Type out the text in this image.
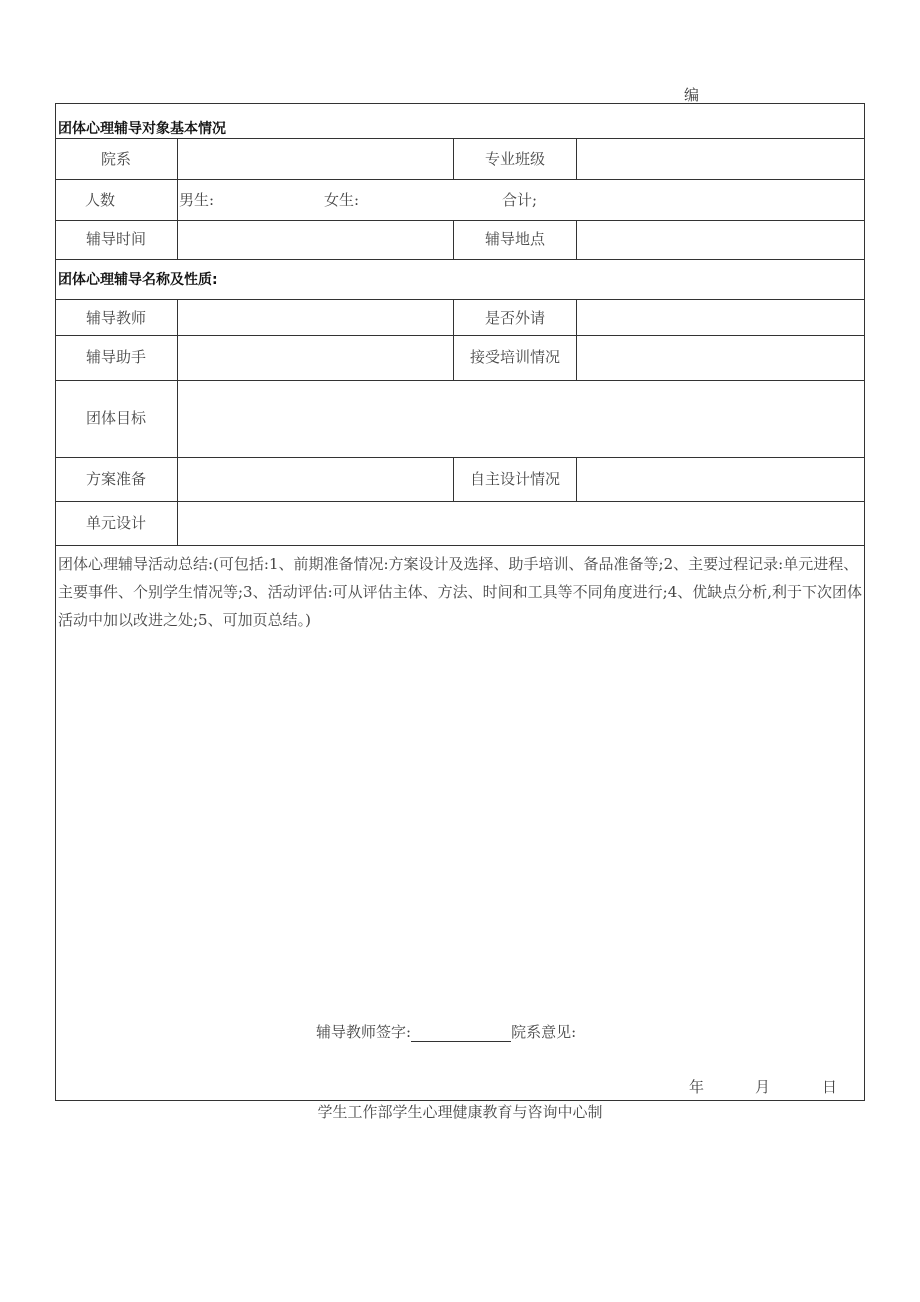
编
团体心理辅导对象基本情况
院系	专业班级
人数	男生:	女生:	合计;
辅导时间	辅导地点
团体心理辅导名称及性质:
辅导教师	是否外请
辅导助手	接受培训情况
团体目标
方案准备	自主设计情况
单元设计
团体心理辅导活动总结:(可包括:1、前期准备情况:方案设计及选择、助手培训、备品准备等;2、主要过程记录:单元进程、主要事件、个别学生情况等;3、活动评估:可从评估主体、方法、时间和工具等不同角度进行;4、优缺点分析,利于下次团体活动中加以改进之处;5、可加页总结。)
辅导教师签字:	院系意见:
年	月	日
学生工作部学生心理健康教育与咨询中心制
